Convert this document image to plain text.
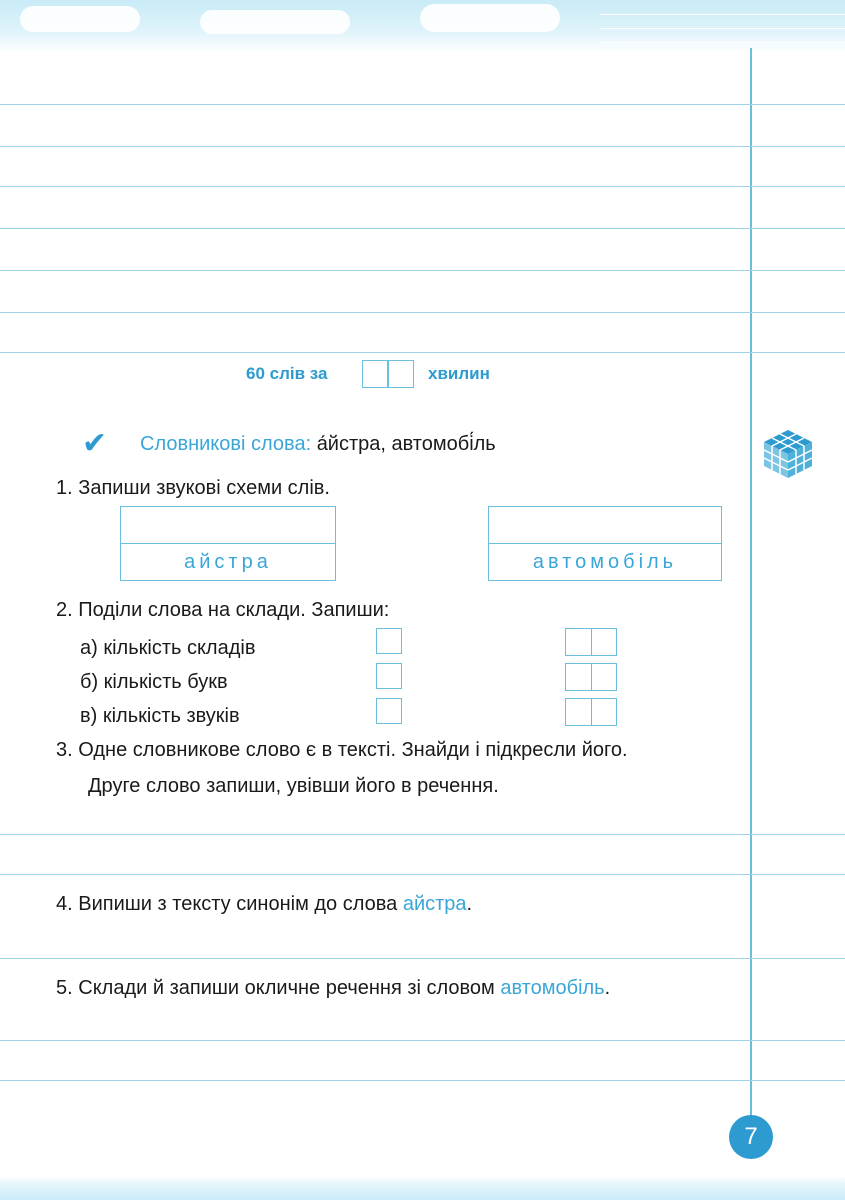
60 слів за	хвилин
✔ Словникові слова: а́йстра, автомобі́ль
1. Запиши звукові схеми слів.
айстра	автомобіль
2. Поділи слова на склади. Запиши:
а) кількість складів
б) кількість букв
в) кількість звуків
3. Одне словникове слово є в тексті. Знайди і підкресли його.
Друге слово запиши, увівши його в речення.
4. Випиши з тексту синонім до слова айстра.
5. Склади й запиши окличне речення зі словом автомобіль.
7
